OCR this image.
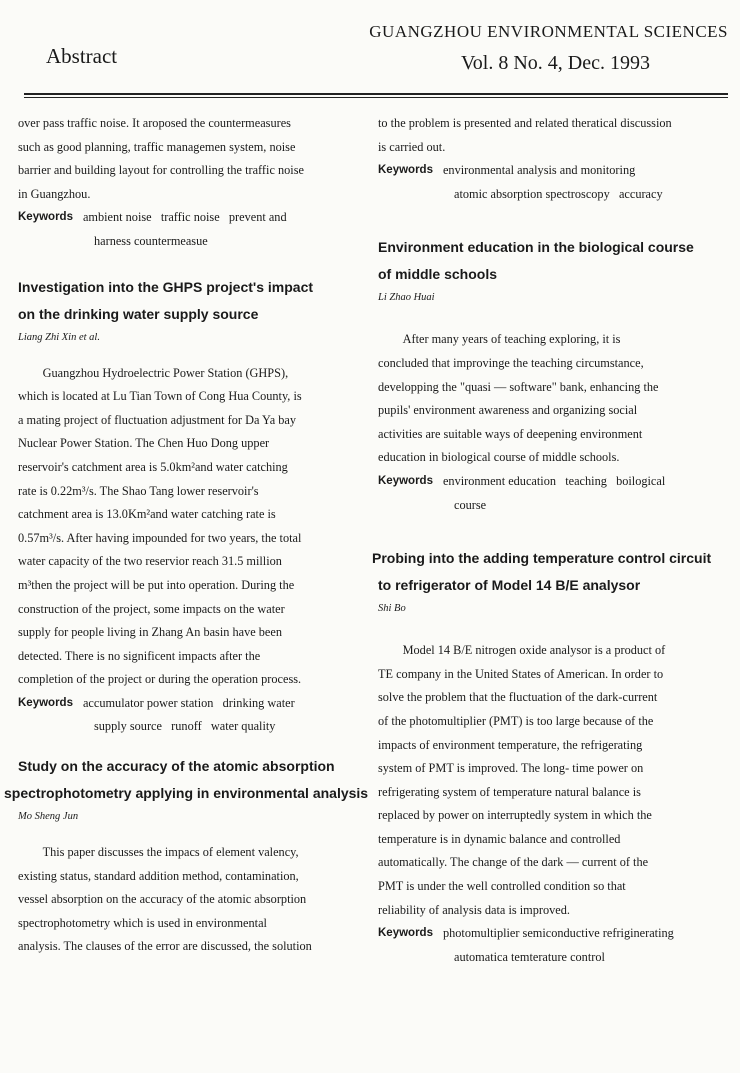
Abstract
GUANGZHOU ENVIRONMENTAL SCIENCES
Vol. 8 No. 4, Dec. 1993

over pass traffic noise. It aroposed the countermeasures

such as good planning, traffic managemen system, noise

barrier and building layout for controlling the traffic noise

in Guangzhou.

Keywords ambient noise   traffic noise   prevent and

harness countermeasue

Investigation into the GHPS project's impact

on the drinking water supply source

Liang Zhi Xin et al.

Guangzhou Hydroelectric Power Station (GHPS),

which is located at Lu Tian Town of Cong Hua County, is

a mating project of fluctuation adjustment for Da Ya bay

Nuclear Power Station. The Chen Huo Dong upper

reservoir's catchment area is 5.0km²and water catching

rate is 0.22m³/s. The Shao Tang lower reservoir's

catchment area is 13.0Km²and water catching rate is

0.57m³/s. After having impounded for two years, the total

water capacity of the two reservior reach 31.5 million

m³then the project will be put into operation. During the

construction of the project, some impacts on the water

supply for people living in Zhang An basin have been

detected. There is no significent impacts after the

completion of the project or during the operation process.

Keywords accumulator power station   drinking water

supply source   runoff   water quality

Study on the accuracy of the atomic absorption

spectrophotometry applying in environmental analysis

Mo Sheng Jun

This paper discusses the impacs of element valency,

existing status, standard addition method, contamination,

vessel absorption on the accuracy of the atomic absorption

spectrophotometry which is used in environmental

analysis. The clauses of the error are discussed, the solution

to the problem is presented and related theratical discussion

is carried out.

Keywords environmental analysis and monitoring

atomic absorption spectroscopy   accuracy

Environment education in the biological course

of middle schools

Li Zhao Huai

After many years of teaching exploring, it is

concluded that improvinge the teaching circumstance,

developping the "quasi — software" bank, enhancing the

pupils' environment awareness and organizing social

activities are suitable ways of deepening environment

education in biological course of middle schools.

Keywords environment education   teaching   boilogical

course

Probing into the adding temperature control circuit

to refrigerator of Model 14 B/E analysor

Shi Bo

Model 14 B/E nitrogen oxide analysor is a product of

TE company in the United States of American. In order to

solve the problem that the fluctuation of the dark-current

of the photomultiplier (PMT) is too large because of the

impacts of environment temperature, the refrigerating

system of PMT is improved. The long- time power on

refrigerating system of temperature natural balance is

replaced by power on interruptedly system in which the

temperature is in dynamic balance and controlled

automatically. The change of the dark — current of the

PMT is under the well controlled condition so that

reliability of analysis data is improved.

Keywords photomultiplier semiconductive refriginerating

automatica temterature control
